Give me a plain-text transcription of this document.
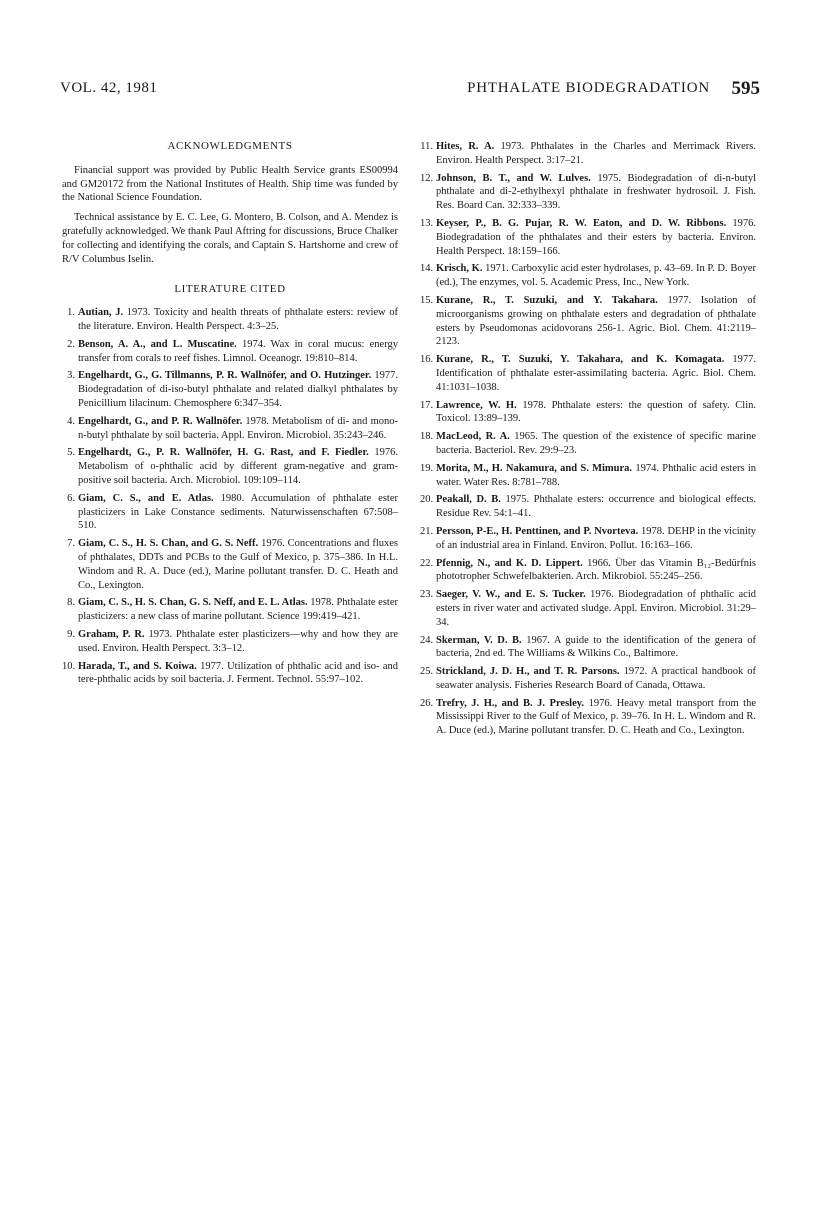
VOL. 42, 1981	PHTHALATE BIODEGRADATION 595
ACKNOWLEDGMENTS

Financial support was provided by Public Health Service grants ES00994 and GM20172 from the National Institutes of Health. Ship time was funded by the National Science Foundation.

Technical assistance by E. C. Lee, G. Montero, B. Colson, and A. Mendez is gratefully acknowledged. We thank Paul Aftring for discussions, Bruce Chalker for collecting and identifying the corals, and Captain S. Hartshorne and crew of R/V Columbus Iselin.

LITERATURE CITED
1. Autian, J. 1973. Toxicity and health threats of phthalate esters: review of the literature. Environ. Health Perspect. 4:3–25.
2. Benson, A. A., and L. Muscatine. 1974. Wax in coral mucus: energy transfer from corals to reef fishes. Limnol. Oceanogr. 19:810–814.
3. Engelhardt, G., G. Tillmanns, P. R. Wallnöfer, and O. Hutzinger. 1977. Biodegradation of di-iso-butyl phthalate and related dialkyl phthalates by Penicillium lilacinum. Chemosphere 6:347–354.
4. Engelhardt, G., and P. R. Wallnöfer. 1978. Metabolism of di- and mono-n-butyl phthalate by soil bacteria. Appl. Environ. Microbiol. 35:243–246.
5. Engelhardt, G., P. R. Wallnöfer, H. G. Rast, and F. Fiedler. 1976. Metabolism of o-phthalic acid by different gram-negative and gram-positive soil bacteria. Arch. Microbiol. 109:109–114.
6. Giam, C. S., and E. Atlas. 1980. Accumulation of phthalate ester plasticizers in Lake Constance sediments. Naturwissenschaften 67:508–510.
7. Giam, C. S., H. S. Chan, and G. S. Neff. 1976. Concentrations and fluxes of phthalates, DDTs and PCBs to the Gulf of Mexico, p. 375–386. In H.L. Windom and R. A. Duce (ed.), Marine pollutant transfer. D. C. Heath and Co., Lexington.
8. Giam, C. S., H. S. Chan, G. S. Neff, and E. L. Atlas. 1978. Phthalate ester plasticizers: a new class of marine pollutant. Science 199:419–421.
9. Graham, P. R. 1973. Phthalate ester plasticizers—why and how they are used. Environ. Health Perspect. 3:3–12.
10. Harada, T., and S. Koiwa. 1977. Utilization of phthalic acid and iso- and tere-phthalic acids by soil bacteria. J. Ferment. Technol. 55:97–102.
11. Hites, R. A. 1973. Phthalates in the Charles and Merrimack Rivers. Environ. Health Perspect. 3:17–21.
12. Johnson, B. T., and W. Lulves. 1975. Biodegradation of di-n-butyl phthalate and di-2-ethylhexyl phthalate in freshwater hydrosoil. J. Fish. Res. Board Can. 32:333–339.
13. Keyser, P., B. G. Pujar, R. W. Eaton, and D. W. Ribbons. 1976. Biodegradation of the phthalates and their esters by bacteria. Environ. Health Perspect. 18:159–166.
14. Krisch, K. 1971. Carboxylic acid ester hydrolases, p. 43–69. In P. D. Boyer (ed.), The enzymes, vol. 5. Academic Press, Inc., New York.
15. Kurane, R., T. Suzuki, and Y. Takahara. 1977. Isolation of microorganisms growing on phthalate esters and degradation of phthalate esters by Pseudomonas acidovorans 256-1. Agric. Biol. Chem. 41:2119–2123.
16. Kurane, R., T. Suzuki, Y. Takahara, and K. Komagata. 1977. Identification of phthalate ester-assimilating bacteria. Agric. Biol. Chem. 41:1031–1038.
17. Lawrence, W. H. 1978. Phthalate esters: the question of safety. Clin. Toxicol. 13:89–139.
18. MacLeod, R. A. 1965. The question of the existence of specific marine bacteria. Bacteriol. Rev. 29:9–23.
19. Morita, M., H. Nakamura, and S. Mimura. 1974. Phthalic acid esters in water. Water Res. 8:781–788.
20. Peakall, D. B. 1975. Phthalate esters: occurrence and biological effects. Residue Rev. 54:1–41.
21. Persson, P-E., H. Penttinen, and P. Nvorteva. 1978. DEHP in the vicinity of an industrial area in Finland. Environ. Pollut. 16:163–166.
22. Pfennig, N., and K. D. Lippert. 1966. Über das Vitamin B₁₂-Bedürfnis phototropher Schwefelbakterien. Arch. Mikrobiol. 55:245–256.
23. Saeger, V. W., and E. S. Tucker. 1976. Biodegradation of phthalic acid esters in river water and activated sludge. Appl. Environ. Microbiol. 31:29–34.
24. Skerman, V. D. B. 1967. A guide to the identification of the genera of bacteria, 2nd ed. The Williams & Wilkins Co., Baltimore.
25. Strickland, J. D. H., and T. R. Parsons. 1972. A practical handbook of seawater analysis. Fisheries Research Board of Canada, Ottawa.
26. Trefry, J. H., and B. J. Presley. 1976. Heavy metal transport from the Mississippi River to the Gulf of Mexico, p. 39–76. In H. L. Windom and R. A. Duce (ed.), Marine pollutant transfer. D. C. Heath and Co., Lexington.
